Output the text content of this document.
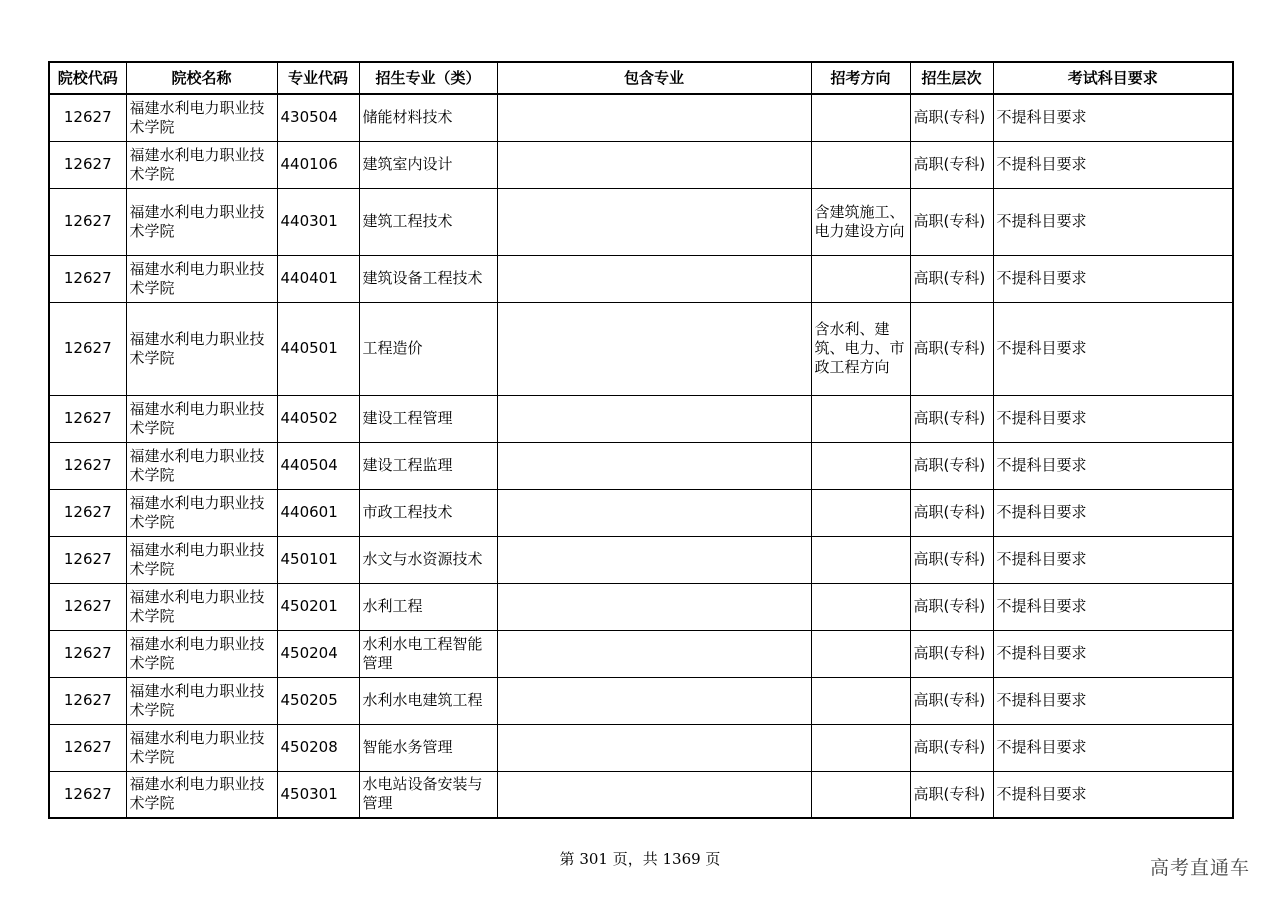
院校代码	院校名称	专业代码	招生专业（类）	包含专业	招考方向	招生层次	考试科目要求
12627	福建水利电力职业技术学院	430504	储能材料技术			高职(专科)	不提科目要求
12627	福建水利电力职业技术学院	440106	建筑室内设计			高职(专科)	不提科目要求
12627	福建水利电力职业技术学院	440301	建筑工程技术		含建筑施工、电力建设方向	高职(专科)	不提科目要求
12627	福建水利电力职业技术学院	440401	建筑设备工程技术			高职(专科)	不提科目要求
12627	福建水利电力职业技术学院	440501	工程造价		含水利、建筑、电力、市政工程方向	高职(专科)	不提科目要求
12627	福建水利电力职业技术学院	440502	建设工程管理			高职(专科)	不提科目要求
12627	福建水利电力职业技术学院	440504	建设工程监理			高职(专科)	不提科目要求
12627	福建水利电力职业技术学院	440601	市政工程技术			高职(专科)	不提科目要求
12627	福建水利电力职业技术学院	450101	水文与水资源技术			高职(专科)	不提科目要求
12627	福建水利电力职业技术学院	450201	水利工程			高职(专科)	不提科目要求
12627	福建水利电力职业技术学院	450204	水利水电工程智能管理			高职(专科)	不提科目要求
12627	福建水利电力职业技术学院	450205	水利水电建筑工程			高职(专科)	不提科目要求
12627	福建水利电力职业技术学院	450208	智能水务管理			高职(专科)	不提科目要求
12627	福建水利电力职业技术学院	450301	水电站设备安装与管理			高职(专科)	不提科目要求
第 301 页，共 1369 页	高考直通车
